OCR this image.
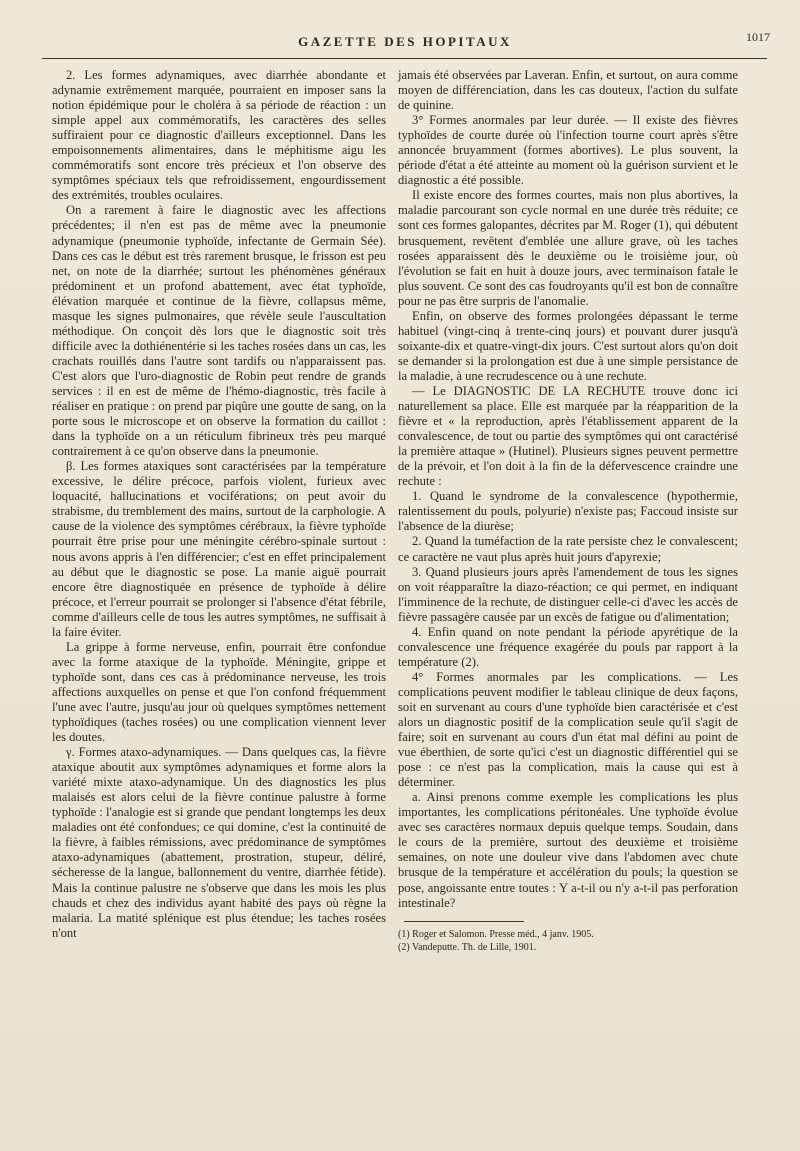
GAZETTE DES HOPITAUX	1017

2. Les formes adynamiques, avec diarrhée abondante et adynamie extrêmement marquée, pourraient en imposer sans la notion épidémique pour le choléra à sa période de réaction : un simple appel aux commémoratifs, les caractères des selles suffiraient pour ce diagnostic d'ailleurs exceptionnel. Dans les empoisonnements alimentaires, dans le méphitisme aigu les commémoratifs sont encore très précieux et l'on observe des symptômes spéciaux tels que refroidissement, engourdissement des extrémités, troubles oculaires.

On a rarement à faire le diagnostic avec les affections précédentes; il n'en est pas de même avec la pneumonie adynamique (pneumonie typhoïde, infectante de Germain Sée). Dans ces cas le début est très rarement brusque, le frisson est peu net, on note de la diarrhée; surtout les phénomènes généraux prédominent et un profond abattement, avec état typhoïde, élévation marquée et continue de la fièvre, collapsus même, masque les signes pulmonaires, que révèle seule l'auscultation méthodique. On conçoit dès lors que le diagnostic soit très difficile avec la dothiénentérie si les taches rosées dans un cas, les crachats rouillés dans l'autre sont tardifs ou n'apparaissent pas. C'est alors que l'uro-diagnostic de Robin peut rendre de grands services : il en est de même de l'hémo-diagnostic, très facile à réaliser en pratique : on prend par piqûre une goutte de sang, on la porte sous le microscope et on observe la formation du caillot : dans la typhoïde on a un réticulum fibrineux très peu marqué contrairement à ce qu'on observe dans la pneumonie.

β. Les formes ataxiques sont caractérisées par la température excessive, le délire précoce, parfois violent, furieux avec loquacité, hallucinations et vociférations; on peut avoir du strabisme, du tremblement des mains, surtout de la carphologie. A cause de la violence des symptômes cérébraux, la fièvre typhoïde pourrait être prise pour une méningite cérébro-spinale surtout : nous avons appris à l'en différencier; c'est en effet principalement au début que le diagnostic se pose. La manie aiguë pourrait encore être diagnostiquée en présence de typhoïde à délire précoce, et l'erreur pourrait se prolonger si l'absence d'état fébrile, comme d'ailleurs celle de tous les autres symptômes, ne suffisait à la faire éviter.

La grippe à forme nerveuse, enfin, pourrait être confondue avec la forme ataxique de la typhoïde. Méningite, grippe et typhoïde sont, dans ces cas à prédominance nerveuse, les trois affections auxquelles on pense et que l'on confond fréquemment l'une avec l'autre, jusqu'au jour où quelques symptômes nettement typhoïdiques (taches rosées) ou une complication viennent lever les doutes.

γ. Formes ataxo-adynamiques. — Dans quelques cas, la fièvre ataxique aboutit aux symptômes adynamiques et forme alors la variété mixte ataxo-adynamique. Un des diagnostics les plus malaisés est alors celui de la fièvre continue palustre à forme typhoïde : l'analogie est si grande que pendant longtemps les deux maladies ont été confondues; ce qui domine, c'est la continuité de la fièvre, à faibles rémissions, avec prédominance de symptômes ataxo-adynamiques (abattement, prostration, stupeur, déliré, sécheresse de la langue, ballonnement du ventre, diarrhée fétide). Mais la continue palustre ne s'observe que dans les mois les plus chauds et chez des individus ayant habité des pays où règne la malaria. La matité splénique est plus étendue; les taches rosées n'ont

jamais été observées par Laveran. Enfin, et surtout, on aura comme moyen de différenciation, dans les cas douteux, l'action du sulfate de quinine.

3° Formes anormales par leur durée. — Il existe des fièvres typhoïdes de courte durée où l'infection tourne court après s'être annoncée bruyamment (formes abortives). Le plus souvent, la période d'état a été atteinte au moment où la guérison survient et le diagnostic a été possible.

Il existe encore des formes courtes, mais non plus abortives, la maladie parcourant son cycle normal en une durée très réduite; ce sont ces formes galopantes, décrites par M. Roger (1), qui débutent brusquement, revêtent d'emblée une allure grave, où les taches rosées apparaissent dès le deuxième ou le troisième jour, où l'évolution se fait en huit à douze jours, avec terminaison fatale le plus souvent. Ce sont des cas foudroyants qu'il est bon de connaître pour ne pas être surpris de l'anomalie.

Enfin, on observe des formes prolongées dépassant le terme habituel (vingt-cinq à trente-cinq jours) et pouvant durer jusqu'à soixante-dix et quatre-vingt-dix jours. C'est surtout alors qu'on doit se demander si la prolongation est due à une simple persistance de la maladie, à une recrudescence ou à une rechute.

— Le DIAGNOSTIC DE LA RECHUTE trouve donc ici naturellement sa place. Elle est marquée par la réapparition de la fièvre et « la reproduction, après l'établissement apparent de la convalescence, de tout ou partie des symptômes qui ont caractérisé la première attaque » (Hutinel). Plusieurs signes peuvent permettre de la prévoir, et l'on doit à la fin de la défervescence craindre une rechute :

1. Quand le syndrome de la convalescence (hypothermie, ralentissement du pouls, polyurie) n'existe pas; Faccoud insiste sur l'absence de la diurèse;

2. Quand la tuméfaction de la rate persiste chez le convalescent; ce caractère ne vaut plus après huit jours d'apyrexie;

3. Quand plusieurs jours après l'amendement de tous les signes on voit réapparaître la diazo-réaction; ce qui permet, en indiquant l'imminence de la rechute, de distinguer celle-ci d'avec les accès de fièvre passagère causée par un excès de fatigue ou d'alimentation;

4. Enfin quand on note pendant la période apyrétique de la convalescence une fréquence exagérée du pouls par rapport à la température (2).

4° Formes anormales par les complications. — Les complications peuvent modifier le tableau clinique de deux façons, soit en survenant au cours d'une typhoïde bien caractérisée et c'est alors un diagnostic positif de la complication seule qu'il s'agit de faire; soit en survenant au cours d'un état mal défini au point de vue éberthien, de sorte qu'ici c'est un diagnostic différentiel qui se pose : ce n'est pas la complication, mais la cause qui est à déterminer.

a. Ainsi prenons comme exemple les complications les plus importantes, les complications péritonéales. Une typhoïde évolue avec ses caractères normaux depuis quelque temps. Soudain, dans le cours de la première, surtout des deuxième et troisième semaines, on note une douleur vive dans l'abdomen avec chute brusque de la température et accélération du pouls; la question se pose, angoissante entre toutes : Y a-t-il ou n'y a-t-il pas perforation intestinale?

(1) Roger et Salomon. Presse méd., 4 janv. 1905.

(2) Vandeputte. Th. de Lille, 1901.
